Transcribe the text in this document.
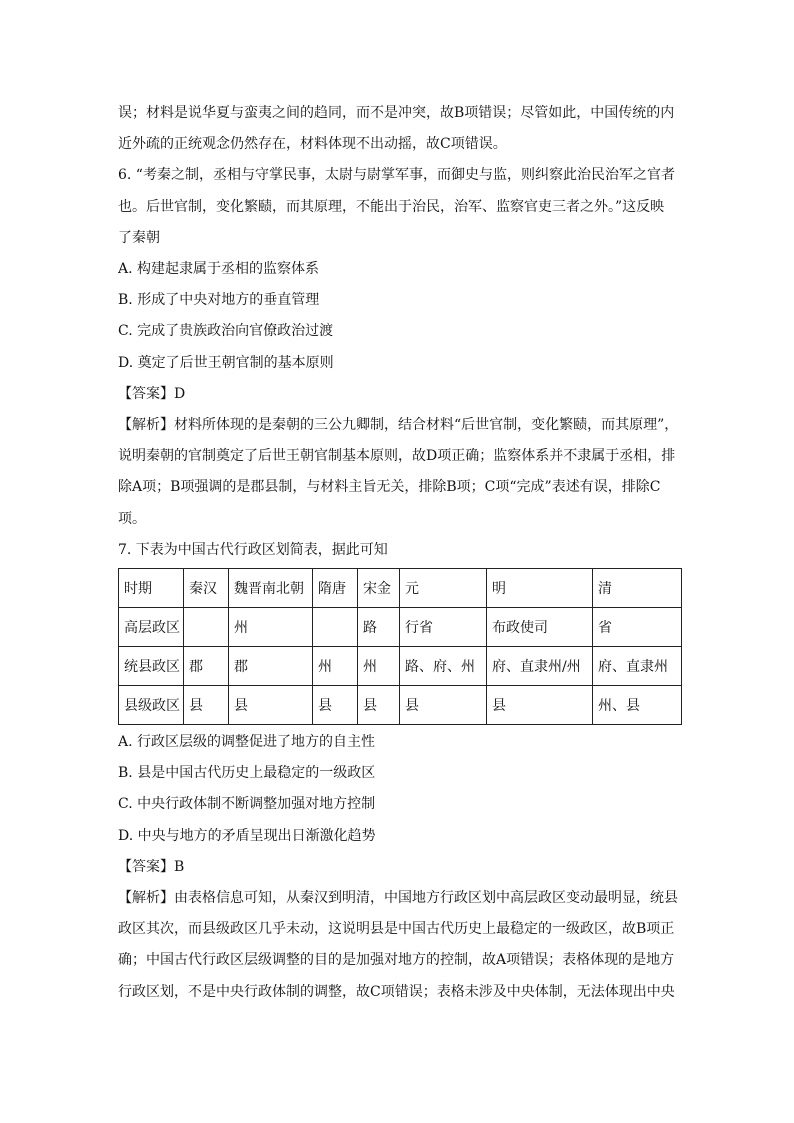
误；材料是说华夏与蛮夷之间的趋同，而不是冲突，故B项错误；尽管如此，中国传统的内
近外疏的正统观念仍然存在，材料体现不出动摇，故C项错误。
6. “考秦之制，丞相与守掌民事，太尉与尉掌军事，而御史与监，则纠察此治民治军之官者
也。后世官制，变化繁赜，而其原理，不能出于治民，治军、监察官吏三者之外。”这反映
了秦朝
A. 构建起隶属于丞相的监察体系
B. 形成了中央对地方的垂直管理
C. 完成了贵族政治向官僚政治过渡
D. 奠定了后世王朝官制的基本原则
【答案】D
【解析】材料所体现的是秦朝的三公九卿制，结合材料“后世官制，变化繁赜，而其原理”，
说明秦朝的官制奠定了后世王朝官制基本原则，故D项正确；监察体系并不隶属于丞相，排
除A项；B项强调的是郡县制，与材料主旨无关，排除B项；C项“完成”表述有误，排除C
项。
7. 下表为中国古代行政区划简表，据此可知
时期	秦汉	魏晋南北朝	隋唐	宋金	元	明	清
高层政区		州		路	行省	布政使司	省
统县政区	郡	郡	州	州	路、府、州	府、直隶州/州	府、直隶州
县级政区	县	县	县	县	县	县	州、县
A. 行政区层级的调整促进了地方的自主性
B. 县是中国古代历史上最稳定的一级政区
C. 中央行政体制不断调整加强对地方控制
D. 中央与地方的矛盾呈现出日渐激化趋势
【答案】B
【解析】由表格信息可知，从秦汉到明清，中国地方行政区划中高层政区变动最明显，统县
政区其次，而县级政区几乎未动，这说明县是中国古代历史上最稳定的一级政区，故B项正
确；中国古代行政区层级调整的目的是加强对地方的控制，故A项错误；表格体现的是地方
行政区划，不是中央行政体制的调整，故C项错误；表格未涉及中央体制，无法体现出中央
